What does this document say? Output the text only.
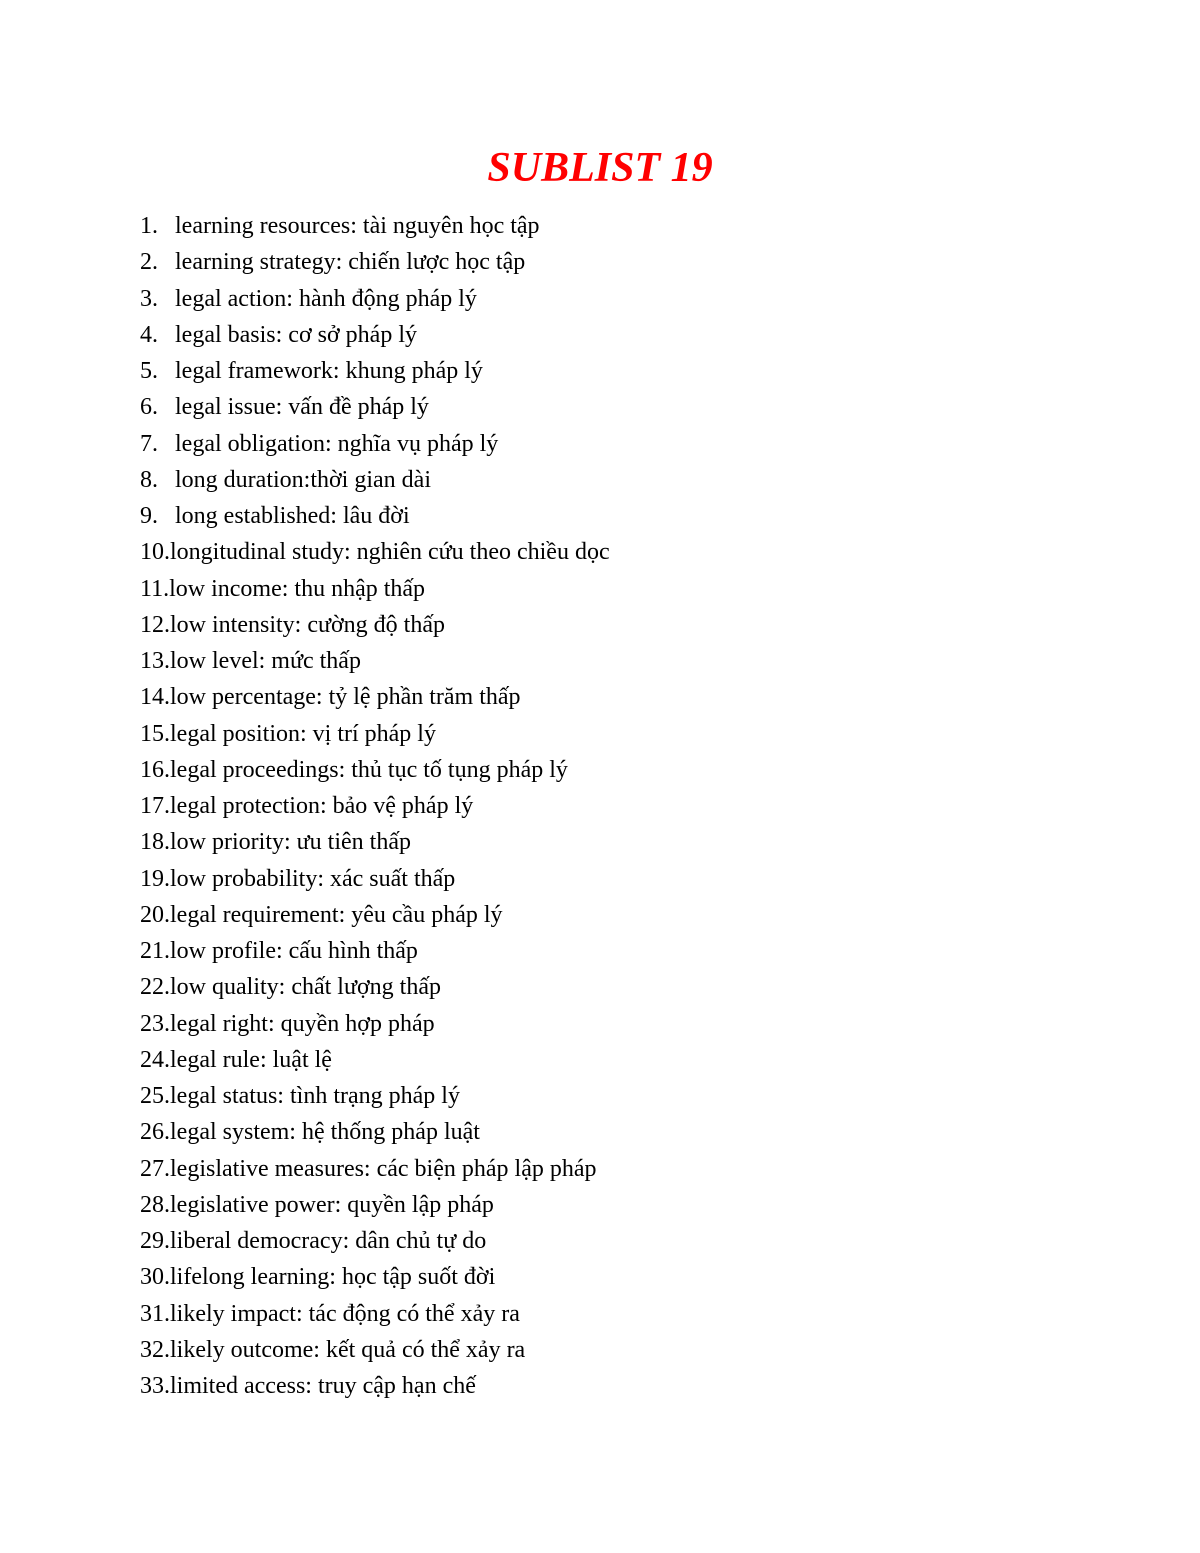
SUBLIST 19
1. learning resources: tài nguyên học tập
2. learning strategy: chiến lược học tập
3. legal action: hành động pháp lý
4. legal basis: cơ sở pháp lý
5. legal framework: khung pháp lý
6. legal issue: vấn đề pháp lý
7. legal obligation: nghĩa vụ pháp lý
8. long duration:thời gian dài
9. long established: lâu đời
10.longitudinal study: nghiên cứu theo chiều dọc
11.low income: thu nhập thấp
12.low intensity: cường độ thấp
13.low level: mức thấp
14.low percentage: tỷ lệ phần trăm thấp
15.legal position: vị trí pháp lý
16.legal proceedings: thủ tục tố tụng pháp lý
17.legal protection: bảo vệ pháp lý
18.low priority: ưu tiên thấp
19.low probability: xác suất thấp
20.legal requirement: yêu cầu pháp lý
21.low profile: cấu hình thấp
22.low quality: chất lượng thấp
23.legal right: quyền hợp pháp
24.legal rule: luật lệ
25.legal status: tình trạng pháp lý
26.legal system: hệ thống pháp luật
27.legislative measures: các biện pháp lập pháp
28.legislative power: quyền lập pháp
29.liberal democracy: dân chủ tự do
30.lifelong learning: học tập suốt đời
31.likely impact: tác động có thể xảy ra
32.likely outcome: kết quả có thể xảy ra
33.limited access: truy cập hạn chế
